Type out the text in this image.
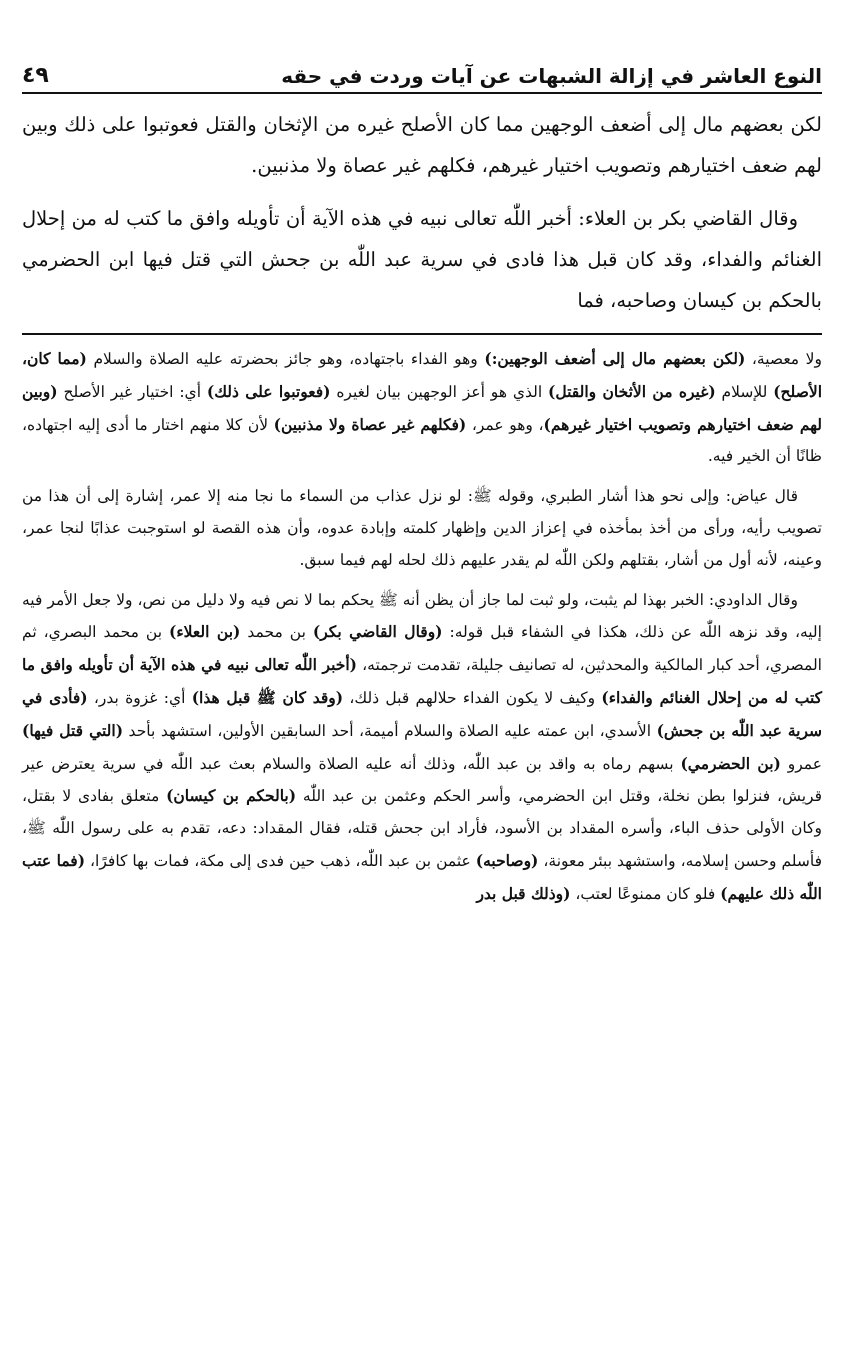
النوع العاشر في إزالة الشبهات عن آيات وردت في حقه
٤٩

لكن بعضهم مال إلى أضعف الوجهين مما كان الأصلح غيره من الإثخان والقتل فعوتبوا على ذلك وبين لهم ضعف اختيارهم وتصويب اختيار غيرهم، فكلهم غير عصاة ولا مذنبين.

وقال القاضي بكر بن العلاء: أخبر اللّٰه تعالى نبيه في هذه الآية أن تأويله وافق ما كتب له من إحلال الغنائم والفداء، وقد كان قبل هذا فادى في سرية عبد اللّٰه بن جحش التي قتل فيها ابن الحضرمي بالحكم بن كيسان وصاحبه، فما

ولا معصية، (لكن بعضهم مال إلى أضعف الوجهين:) وهو الفداء باجتهاده، وهو جائز بحضرته عليه الصلاة والسلام (مما كان، الأصلح) للإسلام (غيره من الأثخان والقتل) الذي هو أعز الوجهين بيان لغيره (فعوتبوا على ذلك) أي: اختيار غير الأصلح (وبين لهم ضعف اختيارهم وتصويب اختيار غيرهم)، وهو عمر، (فكلهم غير عصاة ولا مذنبين) لأن كلا منهم اختار ما أدى إليه اجتهاده، ظانًا أن الخير فيه.

قال عياض: وإلى نحو هذا أشار الطبري، وقوله ﷺ: لو نزل عذاب من السماء ما نجا منه إلا عمر، إشارة إلى أن هذا من تصويب رأيه، ورأى من أخذ بمأخذه في إعزاز الدين وإظهار كلمته وإبادة عدوه، وأن هذه القصة لو استوجبت عذابًا لنجا عمر، وعينه، لأنه أول من أشار، بقتلهم ولكن اللّٰه لم يقدر عليهم ذلك لحله لهم فيما سبق.

وقال الداودي: الخبر بهذا لم يثبت، ولو ثبت لما جاز أن يظن أنه ﷺ يحكم بما لا نص فيه ولا دليل من نص، ولا جعل الأمر فيه إليه، وقد نزهه اللّٰه عن ذلك، هكذا في الشفاء قبل قوله: (وقال القاضي بكر) بن محمد (بن العلاء) بن محمد البصري، ثم المصري، أحد كبار المالكية والمحدثين، له تصانيف جليلة، تقدمت ترجمته، (أخبر اللّٰه تعالى نبيه في هذه الآية أن تأويله وافق ما كتب له من إحلال الغنائم والفداء) وكيف لا يكون الفداء حلالهم قبل ذلك، (وقد كان ﷺ قبل هذا) أي: غزوة بدر، (فأدى في سرية عبد اللّٰه بن جحش) الأسدي، ابن عمته عليه الصلاة والسلام أميمة، أحد السابقين الأولين، استشهد بأحد (التي قتل فيها) عمرو (بن الحضرمي) بسهم رماه به واقد بن عبد اللّٰه، وذلك أنه عليه الصلاة والسلام بعث عبد اللّٰه في سرية يعترض عير قريش، فنزلوا بطن نخلة، وقتل ابن الحضرمي، وأسر الحكم وعثمن بن عبد اللّٰه (بالحكم بن كيسان) متعلق بفادى لا بقتل، وكان الأولى حذف الباء، وأسره المقداد بن الأسود، فأراد ابن جحش قتله، فقال المقداد: دعه، تقدم به على رسول اللّٰه ﷺ، فأسلم وحسن إسلامه، واستشهد ببئر معونة، (وصاحبه) عثمن بن عبد اللّٰه، ذهب حين فدى إلى مكة، فمات بها كافرًا، (فما عتب اللّٰه ذلك عليهم) فلو كان ممنوعًا لعتب، (وذلك قبل بدر
